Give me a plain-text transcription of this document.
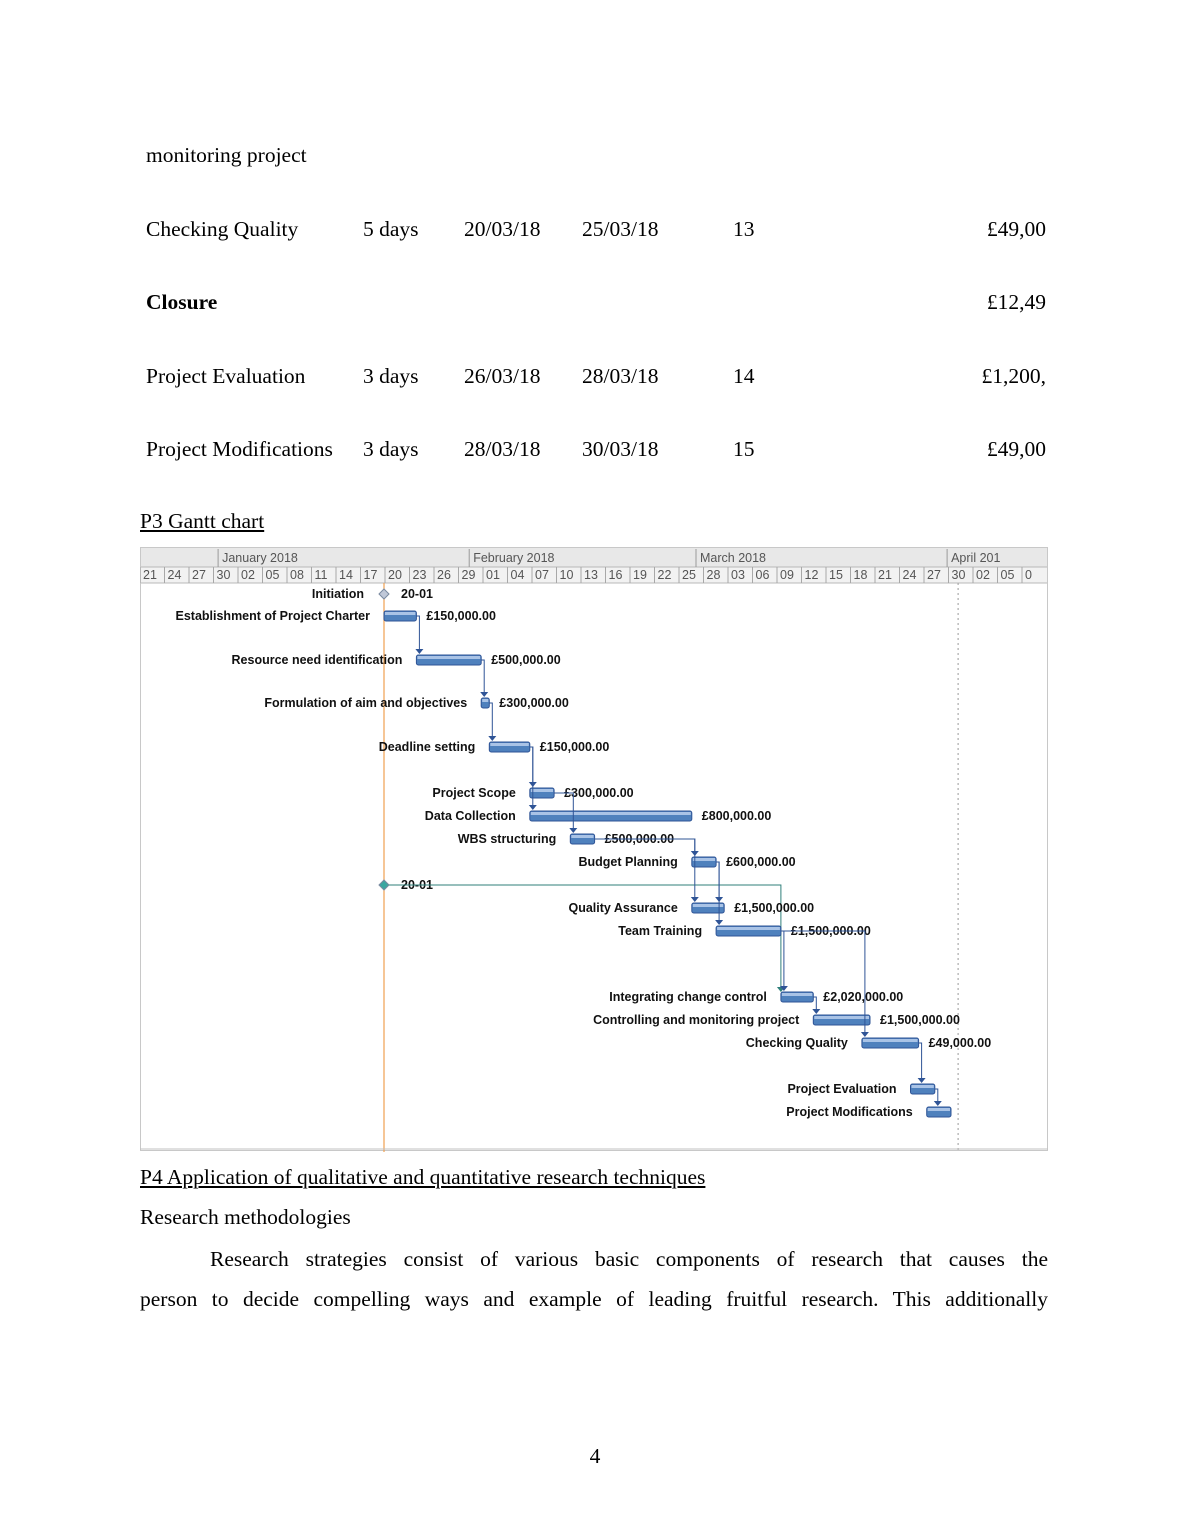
monitoring project
Checking Quality	5 days 20/03/18 25/03/18	13	£49,00
Closure	£12,49
Project Evaluation	3 days 26/03/18 28/03/18	14	£1,200,
Project Modifications 3 days 28/03/18 30/03/18	15	£49,00
P3 Gantt chart
January 2018	February 2018	March 2018	April 201
21 24 27 30 02 05 08 11 14 17 20 23 26 29 01 04 07 10 13 16 19 22 25 28 03 06 09 12 15 18 21 24 27 30 02 05 0
Initiation	20-01
20-01
Establishment of Project Charter	£150,000.00
Resource need identification	£500,000.00
Formulation of aim and objectives	£300,000.00
Deadline setting	£150,000.00
Project Scope	£300,000.00
Data Collection	£800,000.00
WBS structuring	£500,000.00
Budget Planning	£600,000.00
Quality Assurance	£1,500,000.00
Team Training	£1,500,000.00
Integrating change control	£2,020,000.00
Controlling and monitoring project	£1,500,000.00
Checking Quality	£49,000.00
Project Evaluation
Project Modifications
P4 Application of qualitative and quantitative research techniques
Research methodologies
Research strategies consist of various basic components of research that causes the
person to decide compelling ways and example of leading fruitful research. This additionally
4
